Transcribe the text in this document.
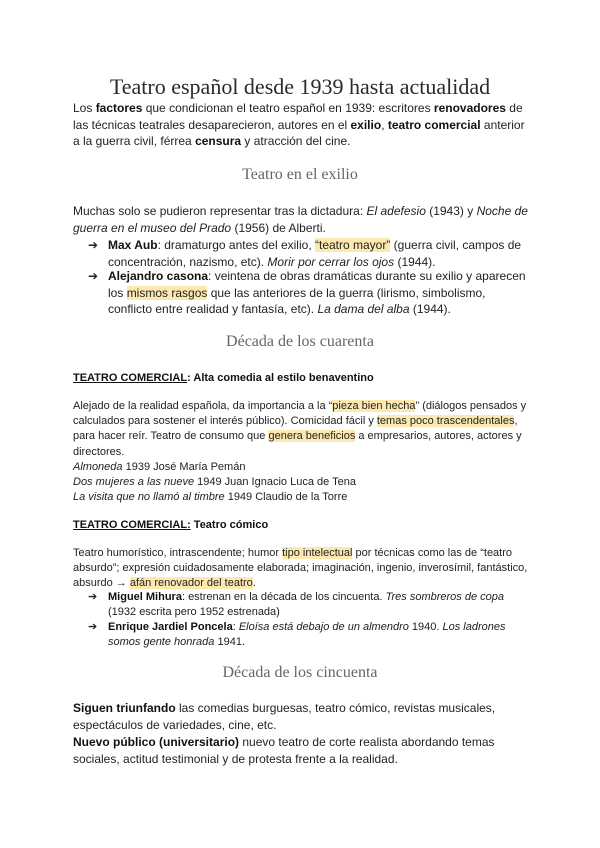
Teatro español desde 1939 hasta actualidad
Los factores que condicionan el teatro español en 1939: escritores renovadores de las técnicas teatrales desaparecieron, autores en el exilio, teatro comercial anterior a la guerra civil, férrea censura y atracción del cine.
Teatro en el exilio
Muchas solo se pudieron representar tras la dictadura: El adefesio (1943) y Noche de guerra en el museo del Prado (1956) de Alberti.
➔ Max Aub: dramaturgo antes del exilio, “teatro mayor” (guerra civil, campos de concentración, nazismo, etc). Morir por cerrar los ojos (1944).
➔ Alejandro casona: veintena de obras dramáticas durante su exilio y aparecen los mismos rasgos que las anteriores de la guerra (lirismo, simbolismo, conflicto entre realidad y fantasía, etc). La dama del alba (1944).
Década de los cuarenta
TEATRO COMERCIAL: Alta comedia al estilo benaventino
Alejado de la realidad española, da importancia a la “pieza bien hecha” (diálogos pensados y calculados para sostener el interés público). Comicidad fácil y temas poco trascendentales, para hacer reír. Teatro de consumo que genera beneficios a empresarios, autores, actores y directores.
Almoneda 1939 José María Pemán
Dos mujeres a las nueve 1949 Juan Ignacio Luca de Tena
La visita que no llamó al timbre 1949 Claudio de la Torre
TEATRO COMERCIAL: Teatro cómico
Teatro humorístico, intrascendente; humor tipo intelectual por técnicas como las de “teatro absurdo”; expresión cuidadosamente elaborada; imaginación, ingenio, inverosímil, fantástico, absurdo → afán renovador del teatro.
➔ Miguel Mihura: estrenan en la década de los cincuenta. Tres sombreros de copa (1932 escrita pero 1952 estrenada)
➔ Enrique Jardiel Poncela: Eloísa está debajo de un almendro 1940. Los ladrones somos gente honrada 1941.
Década de los cincuenta
Siguen triunfando las comedias burguesas, teatro cómico, revistas musicales, espectáculos de variedades, cine, etc.
Nuevo público (universitario) nuevo teatro de corte realista abordando temas sociales, actitud testimonial y de protesta frente a la realidad.
